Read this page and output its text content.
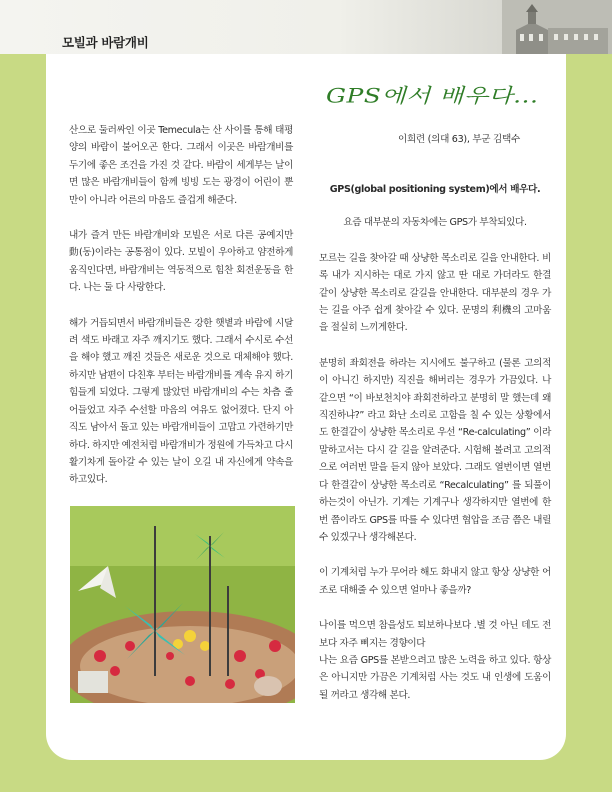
모빌과 바람개비
GPS에서 배우다...
이희련 (의대 63), 부군 김택수

산으로 둘러싸인 이곳 Temecula는 산 사이를 통해 태평양의 바람이 불어오곤 한다. 그래서 이곳은 바람개비를 두기에 좋은 조건을 가진 것 같다. 바람이 세게부는 날이면 많은 바람개비들이 함께 빙빙 도는 광경이 어린이 뿐만이 아니라 어른의 마음도 즐겁게 해준다.

내가 즐겨 만든 바람개비와 모빌은 서로 다른 공예지만 動(동)이라는 공통점이 있다. 모빌이 우아하고 얌전하게 움직인다면, 바람개비는 역동적으로 힘찬 회전운동을 한다. 나는 둘 다 사랑한다.

해가 거듭되면서 바람개비들은 강한 햇볕과 바람에 시달려 색도 바래고 자주 깨지기도 했다. 그래서 수시로 수선을 해야 했고 깨진 것들은 새로운 것으로 대체해야 했다. 하지만 남편이 다친후 부터는 바람개비를 계속 유지 하기 힘들게 되었다. 그렇게 많았던 바람개비의 수는 차츰 줄어들었고 자주 수선할 마음의 여유도 없어졌다. 단지 아직도 남아서 돌고 있는 바람개비들이 고맙고 가련하기만 하다. 하지만 예전처럼 바람개비가 정원에 가득차고 다시 활기차게 돌아갈 수 있는 날이 오길 내 자신에게 약속을 하고있다.

GPS(global positioning system)에서 배우다.

요즘 대부분의 자동차에는 GPS가 부착되있다.

모르는 길을 찾아갈 때 상냥한 목소리로 길을 안내한다. 비록 내가 지시하는 대로 가지 않고 딴 대로 가더라도 한결 같이 상냥한 목소리로 갈길을 안내한다. 대부분의 경우 가는 길을 아주 쉽게 찾아갈 수 있다. 문명의 利機의 고마움을 절실히 느끼게한다.

분명히 좌회전을 하라는 지시에도 불구하고 (물론 고의적이 아니긴 하지만) 직진을 해버리는 경우가 가끔있다. 나 같으면 “이 바보천치야 좌회전하라고 분명히 말 했는데 왜 직진하냐?” 라고 화난 소리로 고함을 칠 수 있는 상황에서도 한결같이 상냥한 목소리로 우선 “Re-calculating” 이라 말하고서는 다시 갈 길을 알려준다. 시험해 볼려고 고의적으로 여러번 말을 듣지 않아 보았다. 그래도 열번이면 열번 다 한결같이 상냥한 목소리로 “Recalculating” 를 되풀이 하는것이 아닌가. 기계는 기계구나 생각하지만 열번에 한번 쯤이라도 GPS를 따를 수 있다면 협압을 조금 쯤은 내릴 수 있겠구나 생각해본다.

이 기계처럼 누가 무어라 해도 화내지 않고 항상 상냥한 어조로 대해줄 수 있으면 얼마나 좋을까?

나이를 먹으면 참을성도 퇴보하나보다 .별 것 아닌 데도 전보다 자주 삐지는 경향이다
나는 요즘 GPS를 본받으려고 많은 노력을 하고 있다. 항상은 아니지만 가끔은 기계처럼 사는 것도 내 인생에 도움이 될 꺼라고 생각해 본다.
